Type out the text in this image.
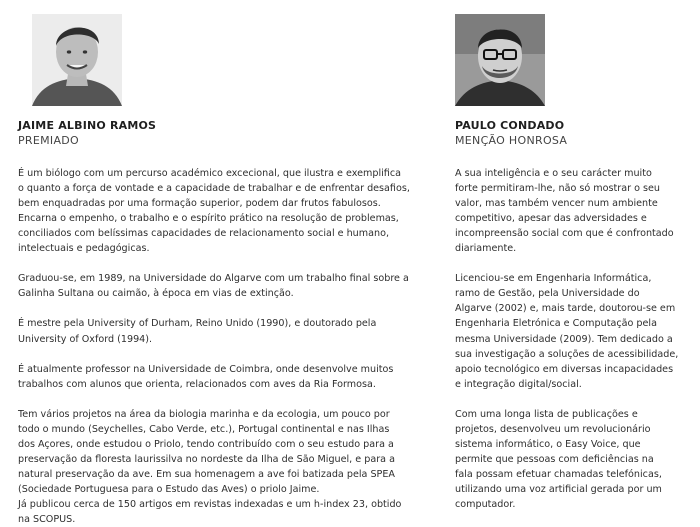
JAIME ALBINO RAMOS
PREMIADO

É um biólogo com um percurso académico excecional, que ilustra e exemplifica
o quanto a força de vontade e a capacidade de trabalhar e de enfrentar desafios,
bem enquadradas por uma formação superior, podem dar frutos fabulosos.
Encarna o empenho, o trabalho e o espírito prático na resolução de problemas,
conciliados com belíssimas capacidades de relacionamento social e humano,
intelectuais e pedagógicas.

Graduou-se, em 1989, na Universidade do Algarve com um trabalho final sobre a
Galinha Sultana ou caimão, à época em vias de extinção.

É mestre pela University of Durham, Reino Unido (1990), e doutorado pela
University of Oxford (1994).

É atualmente professor na Universidade de Coimbra, onde desenvolve muitos
trabalhos com alunos que orienta, relacionados com aves da Ria Formosa.

Tem vários projetos na área da biologia marinha e da ecologia, um pouco por
todo o mundo (Seychelles, Cabo Verde, etc.), Portugal continental e nas Ilhas
dos Açores, onde estudou o Priolo, tendo contribuído com o seu estudo para a
preservação da floresta laurissilva no nordeste da Ilha de São Miguel, e para a
natural preservação da ave. Em sua homenagem a ave foi batizada pela SPEA
(Sociedade Portuguesa para o Estudo das Aves) o priolo Jaime.
Já publicou cerca de 150 artigos em revistas indexadas e um h-index 23, obtido
na SCOPUS.

PAULO CONDADO
MENÇÃO HONROSA

A sua inteligência e o seu carácter muito
forte permitiram-lhe, não só mostrar o seu
valor, mas também vencer num ambiente
competitivo, apesar das adversidades e
incompreensão social com que é confrontado
diariamente.

Licenciou-se em Engenharia Informática,
ramo de Gestão, pela Universidade do
Algarve (2002) e, mais tarde, doutorou-se em
Engenharia Eletrónica e Computação pela
mesma Universidade (2009). Tem dedicado a
sua investigação a soluções de acessibilidade,
apoio tecnológico em diversas incapacidades
e integração digital/social.

Com uma longa lista de publicações e
projetos, desenvolveu um revolucionário
sistema informático, o Easy Voice, que
permite que pessoas com deficiências na
fala possam efetuar chamadas telefónicas,
utilizando uma voz artificial gerada por um
computador.
